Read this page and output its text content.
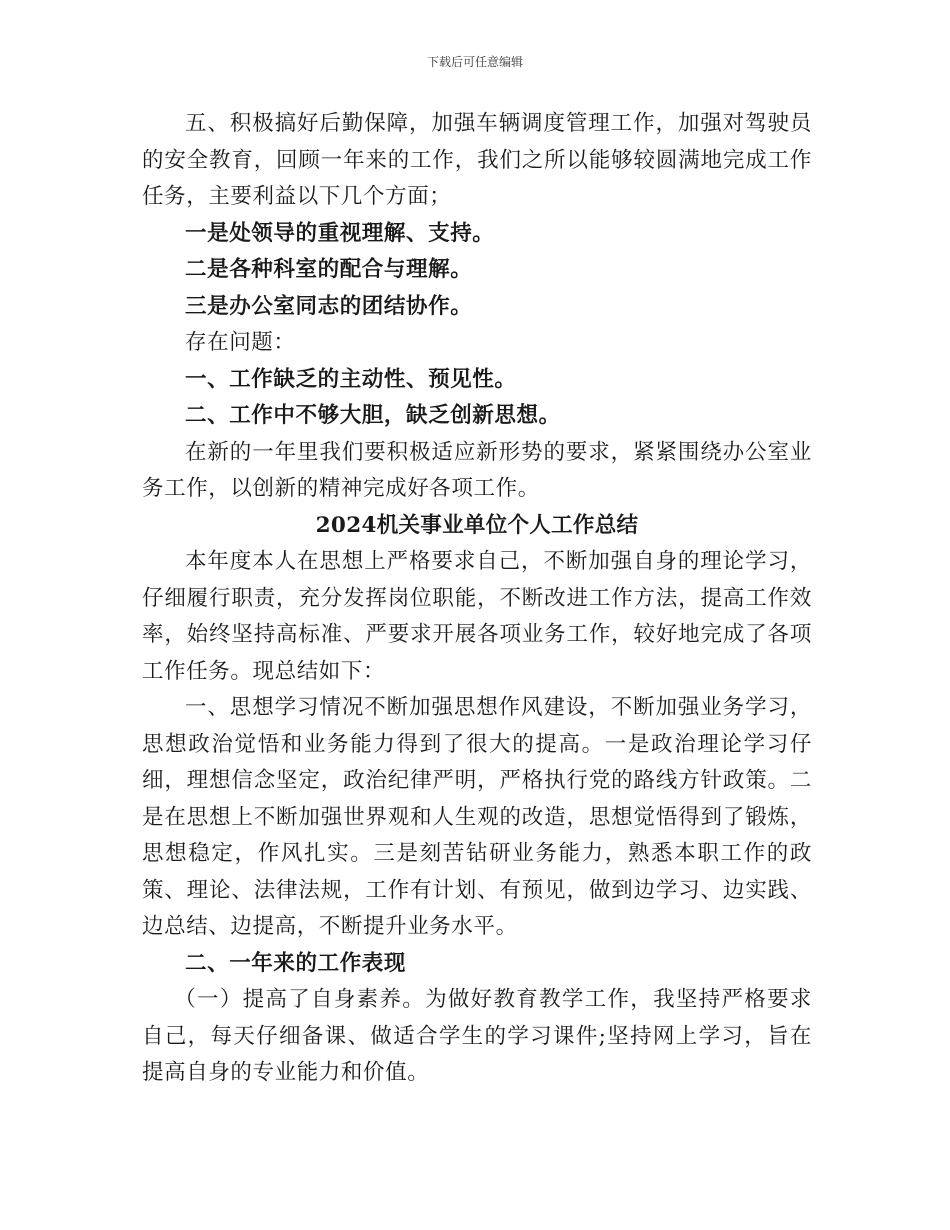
下载后可任意编辑

五、积极搞好后勤保障，加强车辆调度管理工作，加强对驾驶员的安全教育，回顾一年来的工作，我们之所以能够较圆满地完成工作任务，主要利益以下几个方面；

一是处领导的重视理解、支持。

二是各种科室的配合与理解。

三是办公室同志的团结协作。

存在问题：

一、工作缺乏的主动性、预见性。

二、工作中不够大胆，缺乏创新思想。

在新的一年里我们要积极适应新形势的要求，紧紧围绕办公室业务工作，以创新的精神完成好各项工作。

2024机关事业单位个人工作总结

本年度本人在思想上严格要求自己，不断加强自身的理论学习，仔细履行职责，充分发挥岗位职能，不断改进工作方法，提高工作效率，始终坚持高标准、严要求开展各项业务工作，较好地完成了各项工作任务。现总结如下：

一、思想学习情况不断加强思想作风建设，不断加强业务学习，思想政治觉悟和业务能力得到了很大的提高。一是政治理论学习仔细，理想信念坚定，政治纪律严明，严格执行党的路线方针政策。二是在思想上不断加强世界观和人生观的改造，思想觉悟得到了锻炼，思想稳定，作风扎实。三是刻苦钻研业务能力，熟悉本职工作的政策、理论、法律法规，工作有计划、有预见，做到边学习、边实践、边总结、边提高，不断提升业务水平。

二、一年来的工作表现

（一）提高了自身素养。为做好教育教学工作，我坚持严格要求自己，每天仔细备课、做适合学生的学习课件;坚持网上学习，旨在提高自身的专业能力和价值。
